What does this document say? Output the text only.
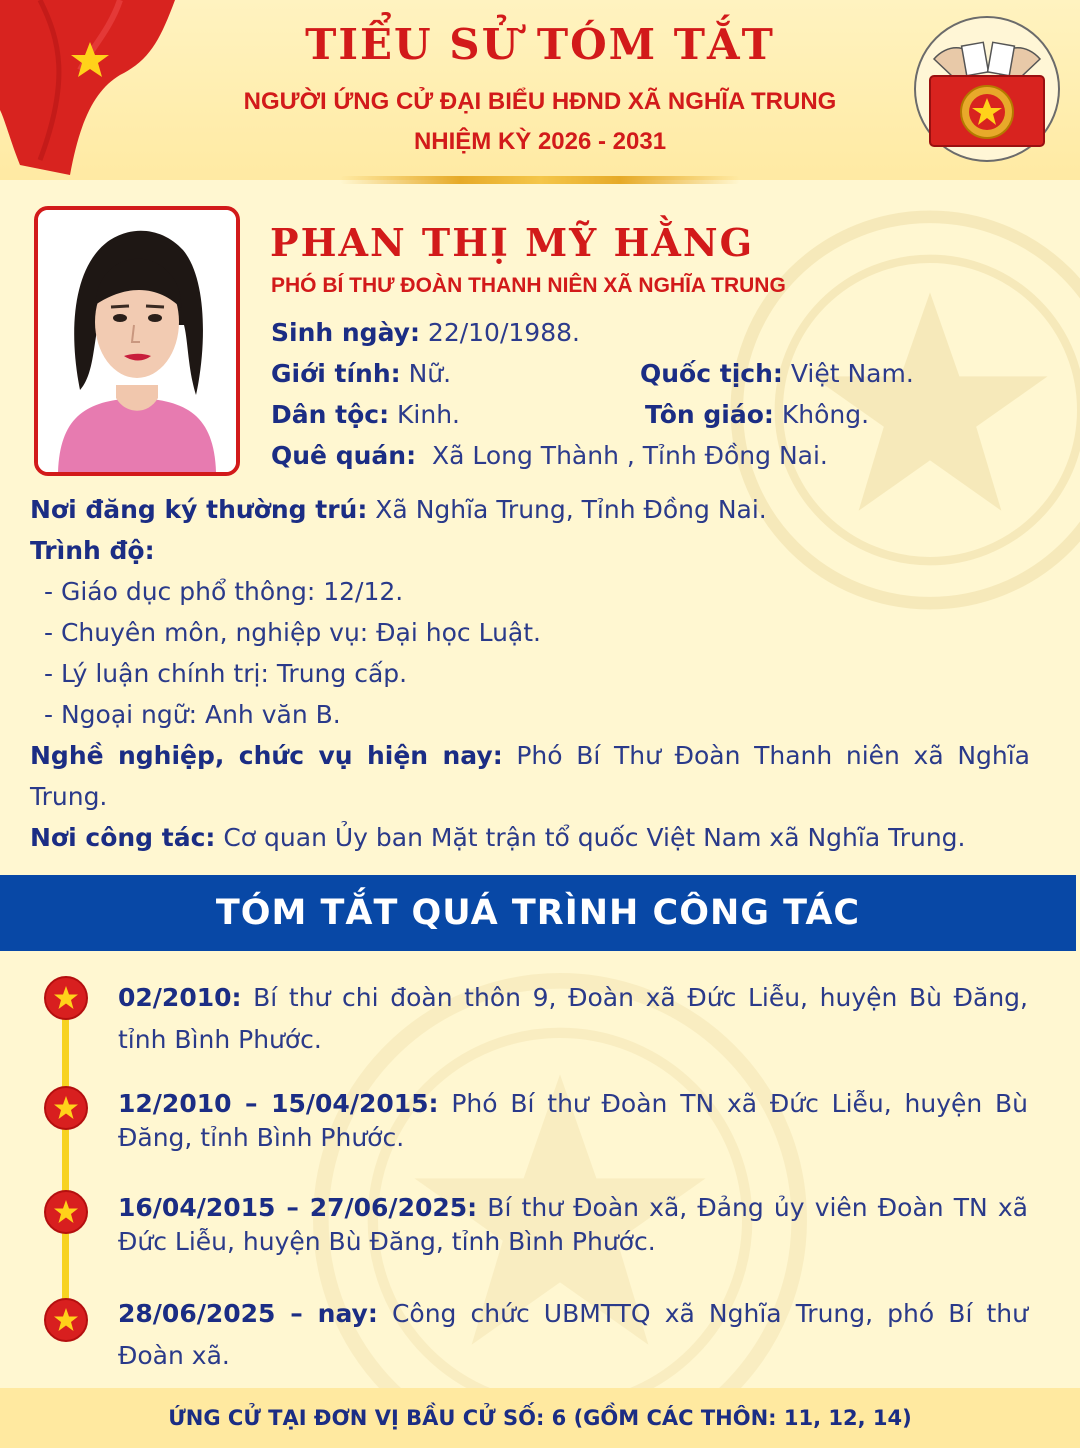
TIỂU SỬ TÓM TẮT
NGƯỜI ỨNG CỬ ĐẠI BIỂU HĐND XÃ NGHĨA TRUNG
NHIỆM KỲ 2026 - 2031
PHAN THỊ MỸ HẰNG
PHÓ BÍ THƯ ĐOÀN THANH NIÊN XÃ NGHĨA TRUNG
Sinh ngày: 22/10/1988.
Giới tính: Nữ.	Quốc tịch: Việt Nam.
Dân tộc: Kinh.	Tôn giáo: Không.
Quê quán:  Xã Long Thành , Tỉnh Đồng Nai.
Nơi đăng ký thường trú: Xã Nghĩa Trung, Tỉnh Đồng Nai.
Trình độ:
- Giáo dục phổ thông: 12/12.
- Chuyên môn, nghiệp vụ: Đại học Luật.
- Lý luận chính trị: Trung cấp.
- Ngoại ngữ: Anh văn B.
Nghề nghiệp, chức vụ hiện nay: Phó Bí Thư Đoàn Thanh niên xã Nghĩa Trung.
Nơi công tác: Cơ quan Ủy ban Mặt trận tổ quốc Việt Nam xã Nghĩa Trung.
TÓM TẮT QUÁ TRÌNH CÔNG TÁC
02/2010: Bí thư chi đoàn thôn 9, Đoàn xã Đức Liễu, huyện Bù Đăng, tỉnh Bình Phước.
12/2010 – 15/04/2015: Phó Bí thư Đoàn TN xã Đức Liễu, huyện Bù Đăng, tỉnh Bình Phước.
16/04/2015 – 27/06/2025: Bí thư Đoàn xã, Đảng ủy viên Đoàn TN xã Đức Liễu, huyện Bù Đăng, tỉnh Bình Phước.
28/06/2025 – nay: Công chức UBMTTQ xã Nghĩa Trung, phó Bí thư Đoàn xã.
ỨNG CỬ TẠI ĐƠN VỊ BẦU CỬ SỐ: 6 (GỒM CÁC THÔN: 11, 12, 14)
